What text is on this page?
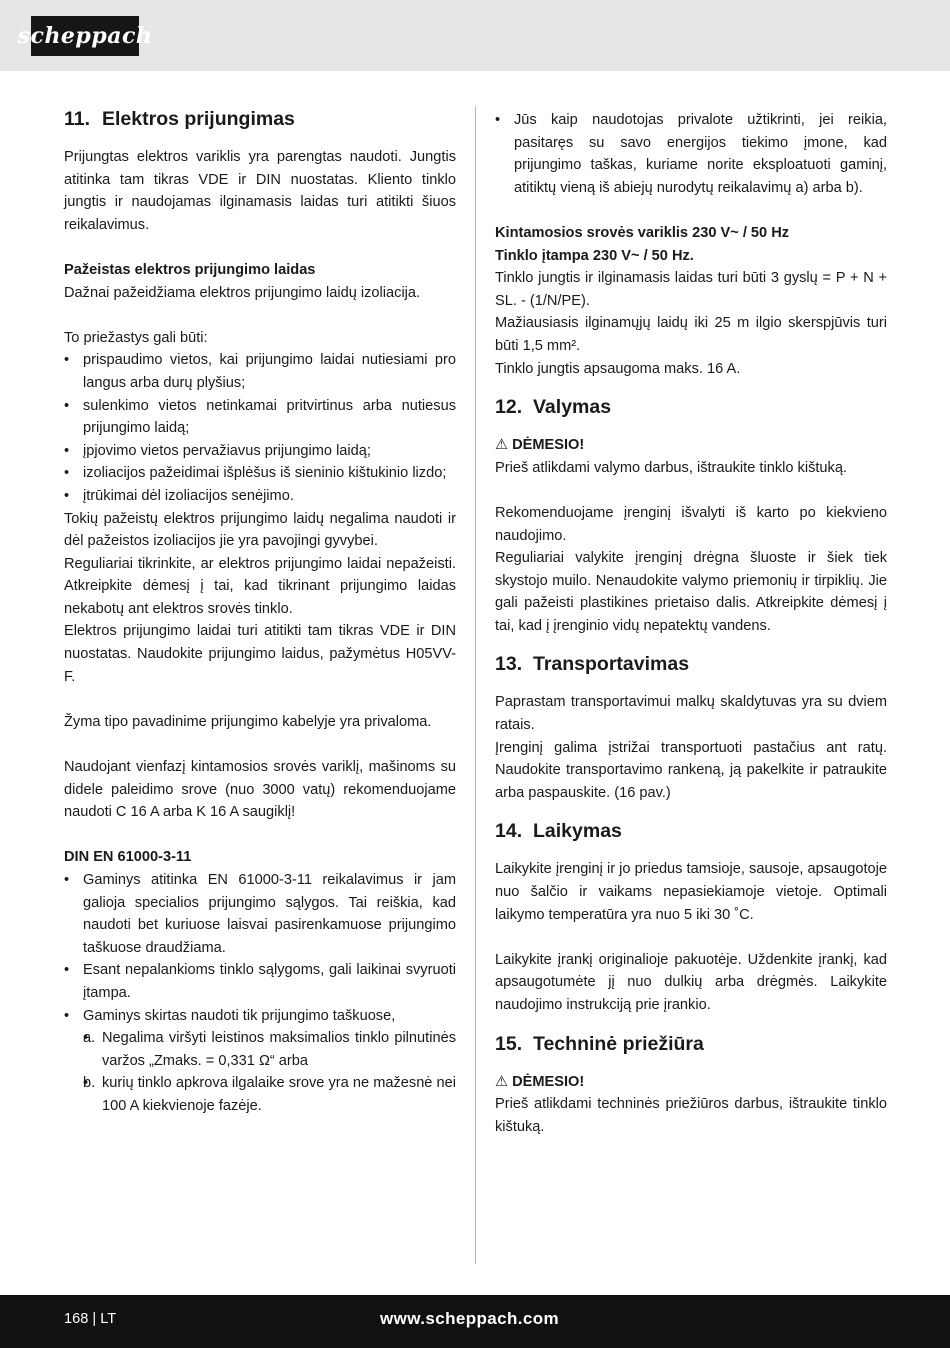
scheppach
11. Elektros prijungimas

Prijungtas elektros variklis yra parengtas naudoti. Jungtis atitinka tam tikras VDE ir DIN nuostatas. Kliento tinklo jungtis ir naudojamas ilginamasis laidas turi atitikti šiuos reikalavimus.

Pažeistas elektros prijungimo laidas

Dažnai pažeidžiama elektros prijungimo laidų izoliacija.

To priežastys gali būti:

• prispaudimo vietos, kai prijungimo laidai nutiesiami pro langus arba durų plyšius;
• sulenkimo vietos netinkamai pritvirtinus arba nutiesus prijungimo laidą;
• įpjovimo vietos pervažiavus prijungimo laidą;
• izoliacijos pažeidimai išplėšus iš sieninio kištukinio lizdo;
• įtrūkimai dėl izoliacijos senėjimo.

Tokių pažeistų elektros prijungimo laidų negalima naudoti ir dėl pažeistos izoliacijos jie yra pavojingi gyvybei.

Reguliariai tikrinkite, ar elektros prijungimo laidai nepažeisti. Atkreipkite dėmesį į tai, kad tikrinant prijungimo laidas nekabotų ant elektros srovės tinklo.

Elektros prijungimo laidai turi atitikti tam tikras VDE ir DIN nuostatas. Naudokite prijungimo laidus, pažymėtus H05VV-F.

Žyma tipo pavadinime prijungimo kabelyje yra privaloma.

Naudojant vienfazį kintamosios srovės variklį, mašinoms su didele paleidimo srove (nuo 3000 vatų) rekomenduojame naudoti C 16 A arba K 16 A saugiklį!

DIN EN 61000-3-11

• Gaminys atitinka EN 61000-3-11 reikalavimus ir jam galioja specialios prijungimo sąlygos. Tai reiškia, kad naudoti bet kuriuose laisvai pasirenkamuose prijungimo taškuose draudžiama.
• Esant nepalankioms tinklo sąlygoms, gali laikinai svyruoti įtampa.
• Gaminys skirtas naudoti tik prijungimo taškuose,
• a. Negalima viršyti leistinos maksimalios tinklo pilnutinės varžos „Zmaks. = 0,331 Ω“ arba
• b. kurių tinklo apkrova ilgalaike srove yra ne mažesnė nei 100 A kiekvienoje fazėje.
• Jūs kaip naudotojas privalote užtikrinti, jei reikia, pasitaręs su savo energijos tiekimo įmone, kad prijungimo taškas, kuriame norite eksploatuoti gaminį, atitiktų vieną iš abiejų nurodytų reikalavimų a) arba b).

Kintamosios srovės variklis 230 V~ / 50 Hz

Tinklo įtampa 230 V~ / 50 Hz.

Tinklo jungtis ir ilginamasis laidas turi būti 3 gyslų = P + N + SL. - (1/N/PE).

Mažiausiasis ilginamųjų laidų iki 25 m ilgio skerspjūvis turi būti 1,5 mm².

Tinklo jungtis apsaugoma maks. 16 A.

12. Valymas

⚠ DĖMESIO!

Prieš atlikdami valymo darbus, ištraukite tinklo kištuką.

Rekomenduojame įrenginį išvalyti iš karto po kiekvieno naudojimo.

Reguliariai valykite įrenginį drėgna šluoste ir šiek tiek skystojo muilo. Nenaudokite valymo priemonių ir tirpiklių. Jie gali pažeisti plastikines prietaiso dalis. Atkreipkite dėmesį į tai, kad į įrenginio vidų nepatektų vandens.

13. Transportavimas

Paprastam transportavimui malkų skaldytuvas yra su dviem ratais.

Įrenginį galima įstrižai transportuoti pastačius ant ratų. Naudokite transportavimo rankeną, ją pakelkite ir patraukite arba paspauskite. (16 pav.)

14. Laikymas

Laikykite įrenginį ir jo priedus tamsioje, sausoje, apsaugotoje nuo šalčio ir vaikams nepasiekiamoje vietoje. Optimali laikymo temperatūra yra nuo 5 iki 30 ˚C.

Laikykite įrankį originalioje pakuotėje. Uždenkite įrankį, kad apsaugotumėte jį nuo dulkių arba drėgmės. Laikykite naudojimo instrukciją prie įrankio.

15. Techninė priežiūra

⚠ DĖMESIO!

Prieš atlikdami techninės priežiūros darbus, ištraukite tinklo kištuką.

168 | LT	www.scheppach.com
